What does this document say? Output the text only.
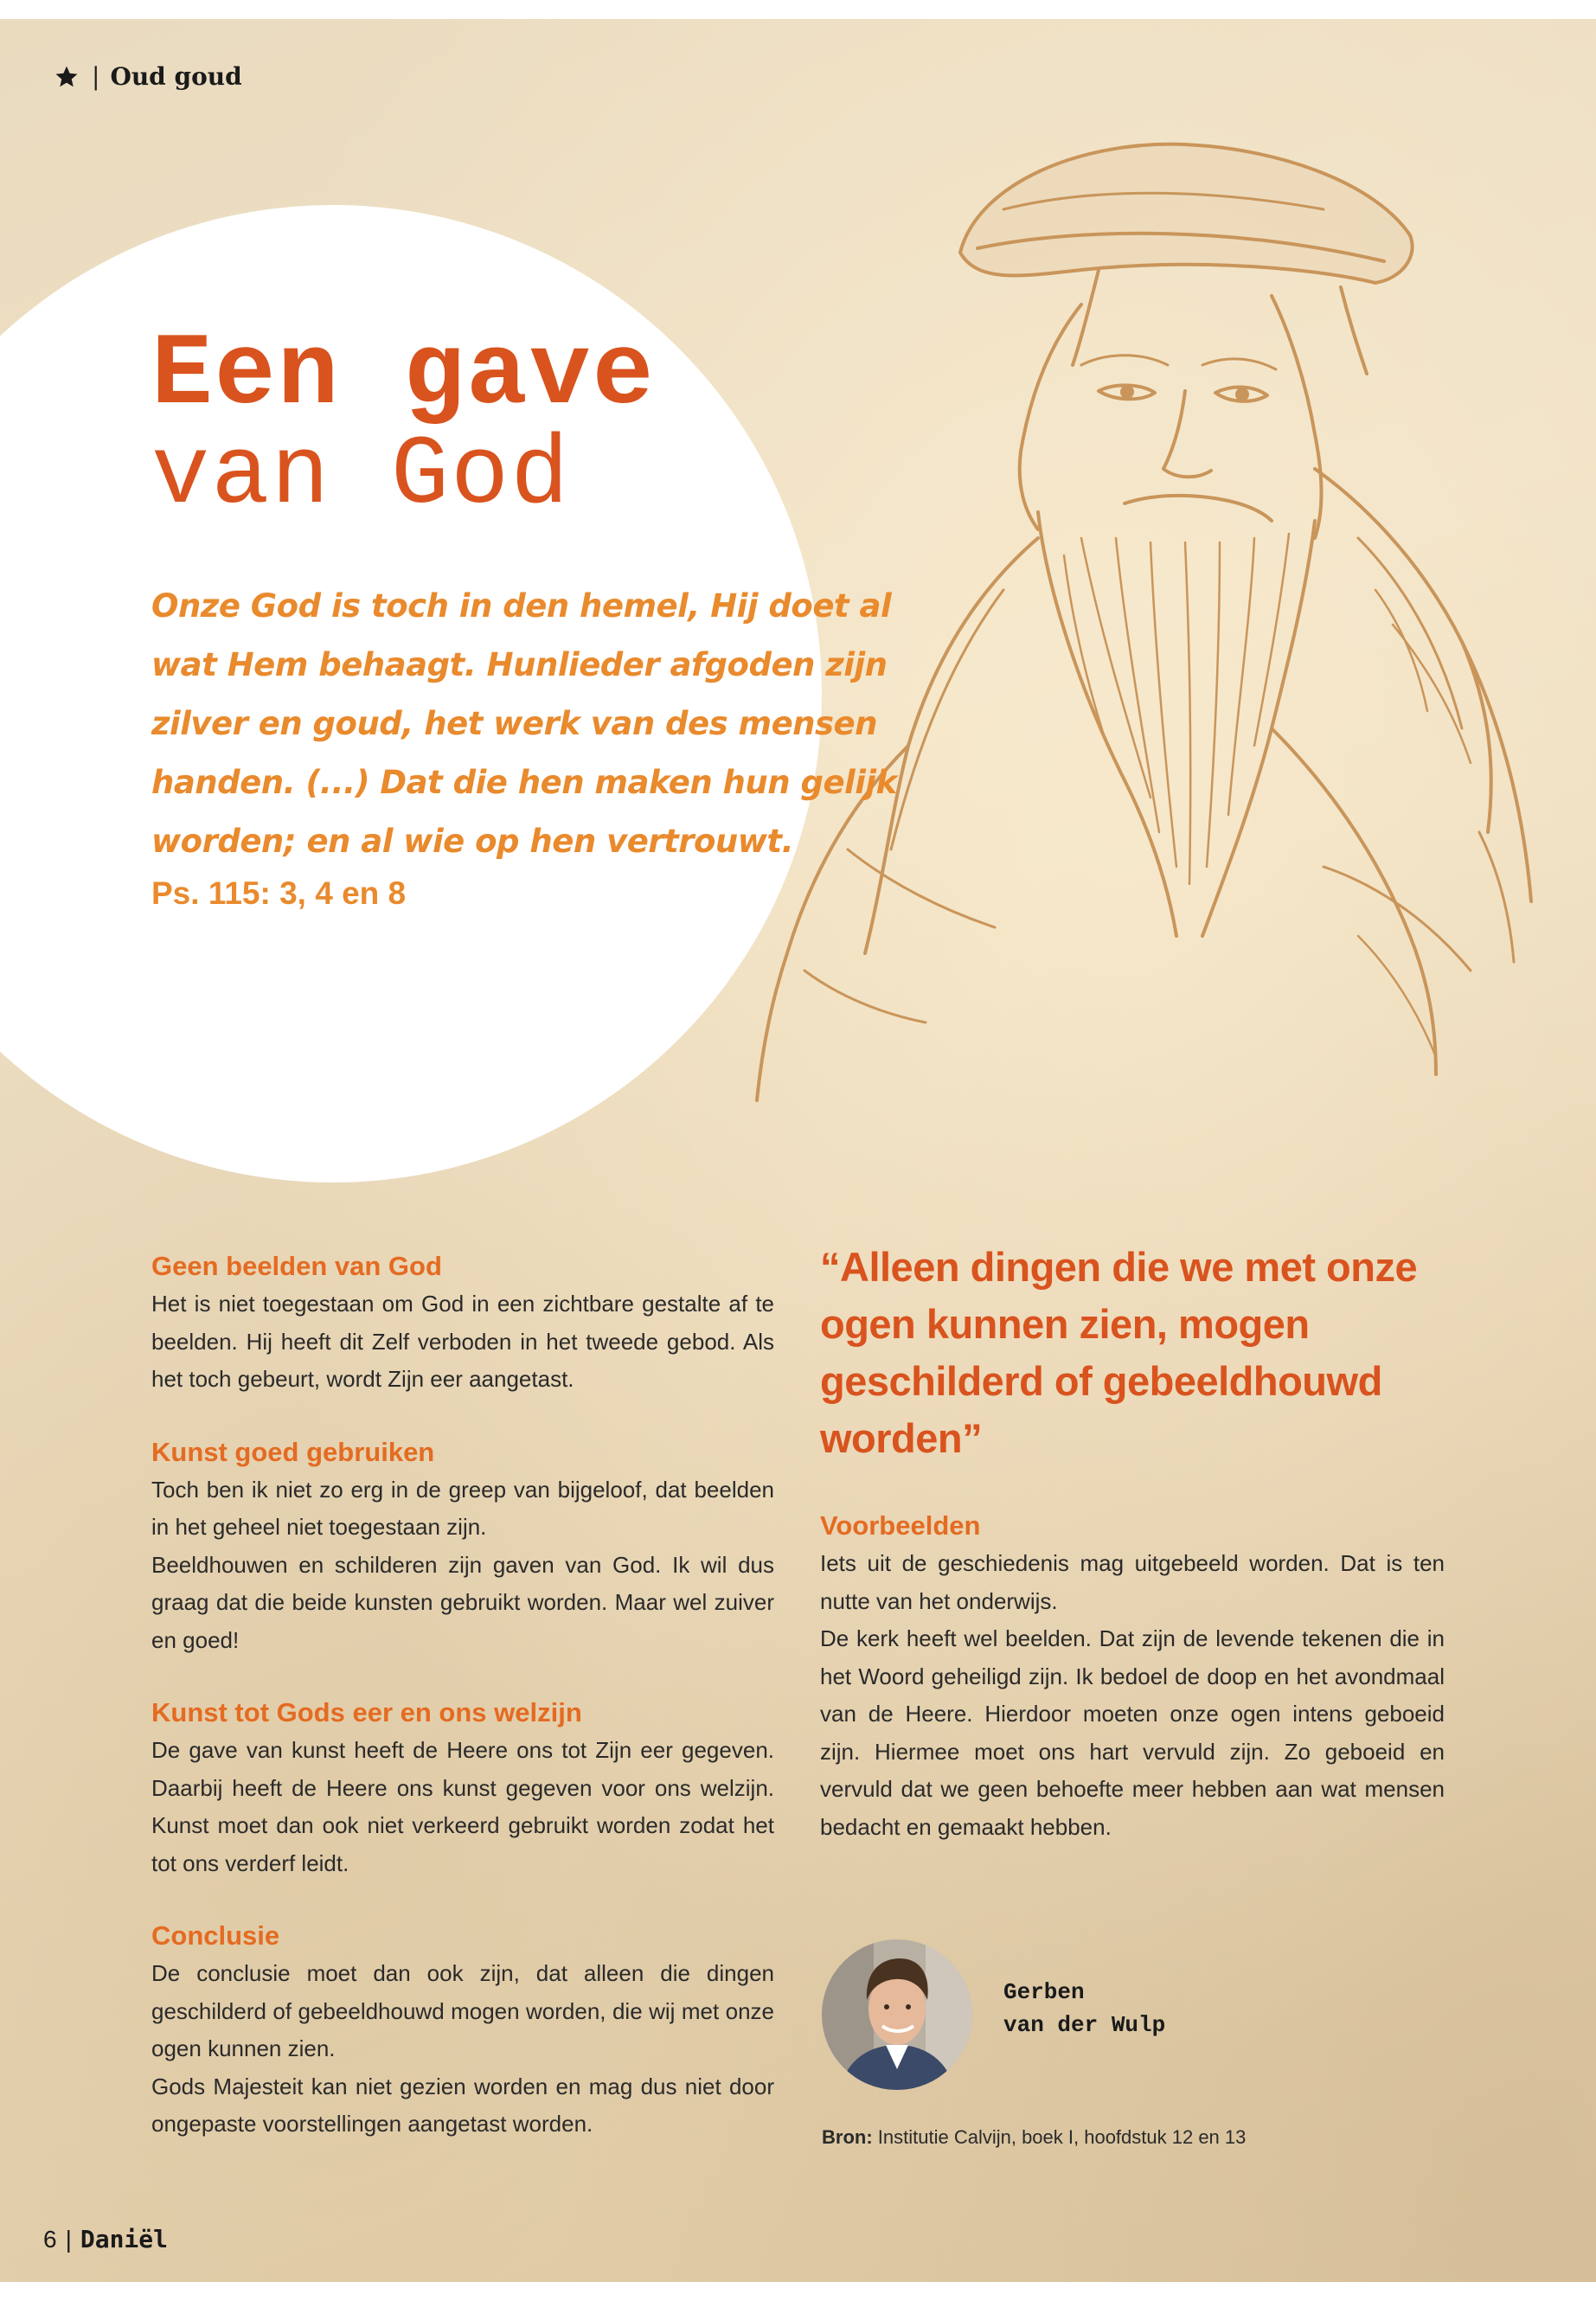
| Oud goud
Een gave
van God
Onze God is toch in den hemel, Hij doet al wat Hem behaagt. Hunlieder afgoden zijn zilver en goud, het werk van des mensen handen. (...) Dat die hen maken hun gelijk worden; en al wie op hen vertrouwt.
Ps. 115: 3, 4 en 8
Geen beelden van God

Het is niet toegestaan om God in een zichtbare gestalte af te beelden. Hij heeft dit Zelf verboden in het tweede gebod. Als het toch gebeurt, wordt Zijn eer aangetast.

Kunst goed gebruiken

Toch ben ik niet zo erg in de greep van bijgeloof, dat beelden in het geheel niet toegestaan zijn.

Beeldhouwen en schilderen zijn gaven van God. Ik wil dus graag dat die beide kunsten gebruikt worden. Maar wel zuiver en goed!

Kunst tot Gods eer en ons welzijn

De gave van kunst heeft de Heere ons tot Zijn eer gegeven. Daarbij heeft de Heere ons kunst gegeven voor ons welzijn. Kunst moet dan ook niet verkeerd gebruikt worden zodat het tot ons verderf leidt.

Conclusie

De conclusie moet dan ook zijn, dat alleen die dingen geschilderd of gebeeldhouwd mogen worden, die wij met onze ogen kunnen zien.

Gods Majesteit kan niet gezien worden en mag dus niet door ongepaste voorstellingen aangetast worden.

“Alleen dingen die we met onze ogen kunnen zien, mogen geschilderd of gebeeldhouwd worden”
Voorbeelden

Iets uit de geschiedenis mag uitgebeeld worden. Dat is ten nutte van het onderwijs.

De kerk heeft wel beelden. Dat zijn de levende tekenen die in het Woord geheiligd zijn. Ik bedoel de doop en het avondmaal van de Heere. Hierdoor moeten onze ogen intens geboeid zijn. Hiermee moet ons hart vervuld zijn. Zo geboeid en vervuld dat we geen behoefte meer hebben aan wat mensen bedacht en gemaakt hebben.

Gerben
van der Wulp
Bron: Institutie Calvijn, boek I, hoofdstuk 12 en 13
6 | Daniël
